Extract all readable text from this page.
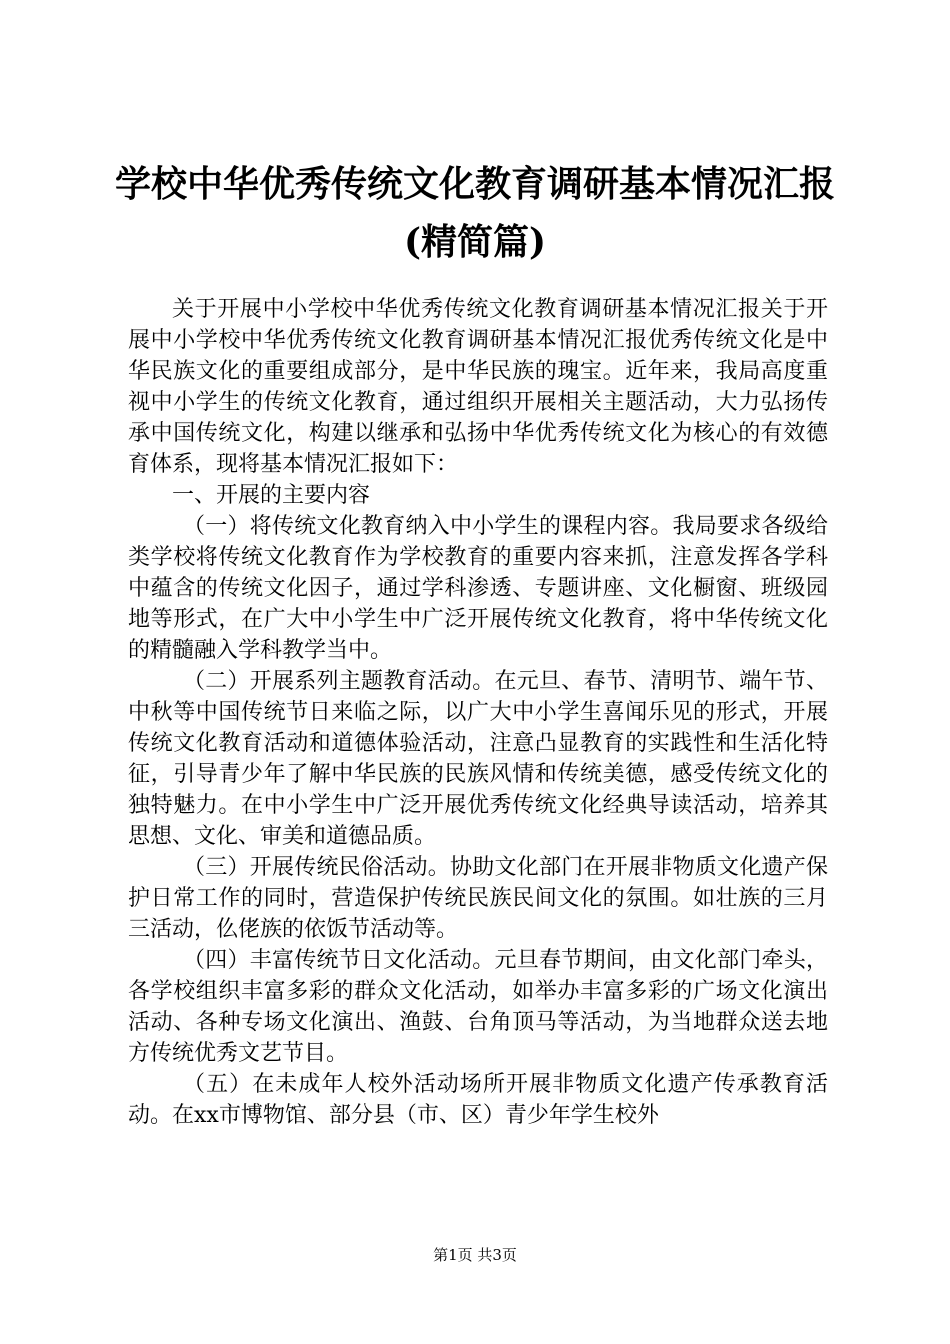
学校中华优秀传统文化教育调研基本情况汇报
(精简篇)

关于开展中小学校中华优秀传统文化教育调研基本情况汇报关于开展中小学校中华优秀传统文化教育调研基本情况汇报优秀传统文化是中华民族文化的重要组成部分，是中华民族的瑰宝。近年来，我局高度重视中小学生的传统文化教育，通过组织开展相关主题活动，大力弘扬传承中国传统文化，构建以继承和弘扬中华优秀传统文化为核心的有效德育体系，现将基本情况汇报如下：

一、开展的主要内容

（一）将传统文化教育纳入中小学生的课程内容。我局要求各级给类学校将传统文化教育作为学校教育的重要内容来抓，注意发挥各学科中蕴含的传统文化因子，通过学科渗透、专题讲座、文化橱窗、班级园地等形式，在广大中小学生中广泛开展传统文化教育，将中华传统文化的精髓融入学科教学当中。

（二）开展系列主题教育活动。在元旦、春节、清明节、端午节、中秋等中国传统节日来临之际，以广大中小学生喜闻乐见的形式，开展传统文化教育活动和道德体验活动，注意凸显教育的实践性和生活化特征，引导青少年了解中华民族的民族风情和传统美德，感受传统文化的独特魅力。在中小学生中广泛开展优秀传统文化经典导读活动，培养其思想、文化、审美和道德品质。

（三）开展传统民俗活动。协助文化部门在开展非物质文化遗产保护日常工作的同时，营造保护传统民族民间文化的氛围。如壮族的三月三活动，仫佬族的依饭节活动等。

（四）丰富传统节日文化活动。元旦春节期间，由文化部门牵头，各学校组织丰富多彩的群众文化活动，如举办丰富多彩的广场文化演出活动、各种专场文化演出、渔鼓、台角顶马等活动，为当地群众送去地方传统优秀文艺节目。

（五）在未成年人校外活动场所开展非物质文化遗产传承教育活动。在xx市博物馆、部分县（市、区）青少年学生校外

第1页 共3页
